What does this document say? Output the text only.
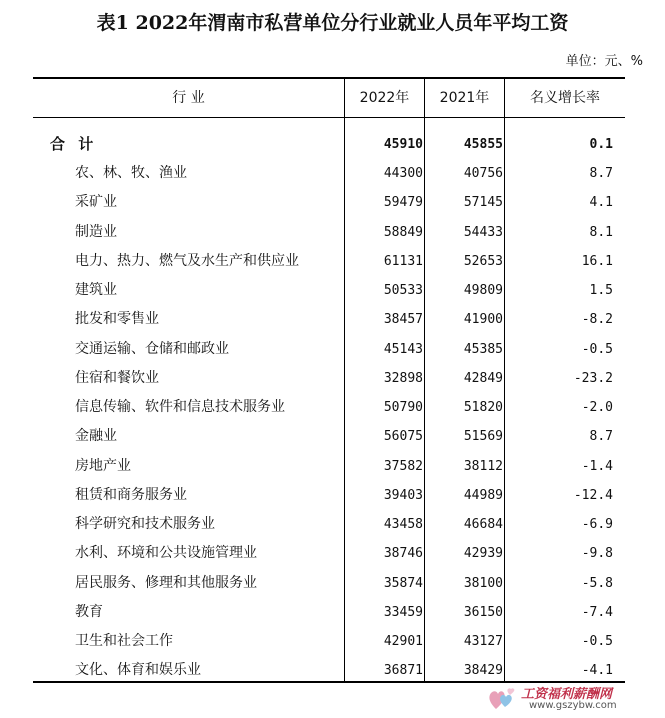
表1 2022年渭南市私营单位分行业就业人员年平均工资
单位：元、%
行 业	2022年	2021年	名义增长率
合 计	45910	45855	0.1
农、林、牧、渔业	44300	40756	8.7
采矿业	59479	57145	4.1
制造业	58849	54433	8.1
电力、热力、燃气及水生产和供应业	61131	52653	16.1
建筑业	50533	49809	1.5
批发和零售业	38457	41900	-8.2
交通运输、仓储和邮政业	45143	45385	-0.5
住宿和餐饮业	32898	42849	-23.2
信息传输、软件和信息技术服务业	50790	51820	-2.0
金融业	56075	51569	8.7
房地产业	37582	38112	-1.4
租赁和商务服务业	39403	44989	-12.4
科学研究和技术服务业	43458	46684	-6.9
水利、环境和公共设施管理业	38746	42939	-9.8
居民服务、修理和其他服务业	35874	38100	-5.8
教育	33459	36150	-7.4
卫生和社会工作	42901	43127	-0.5
文化、体育和娱乐业	36871	38429	-4.1
工资福利薪酬网
www.gszybw.com
